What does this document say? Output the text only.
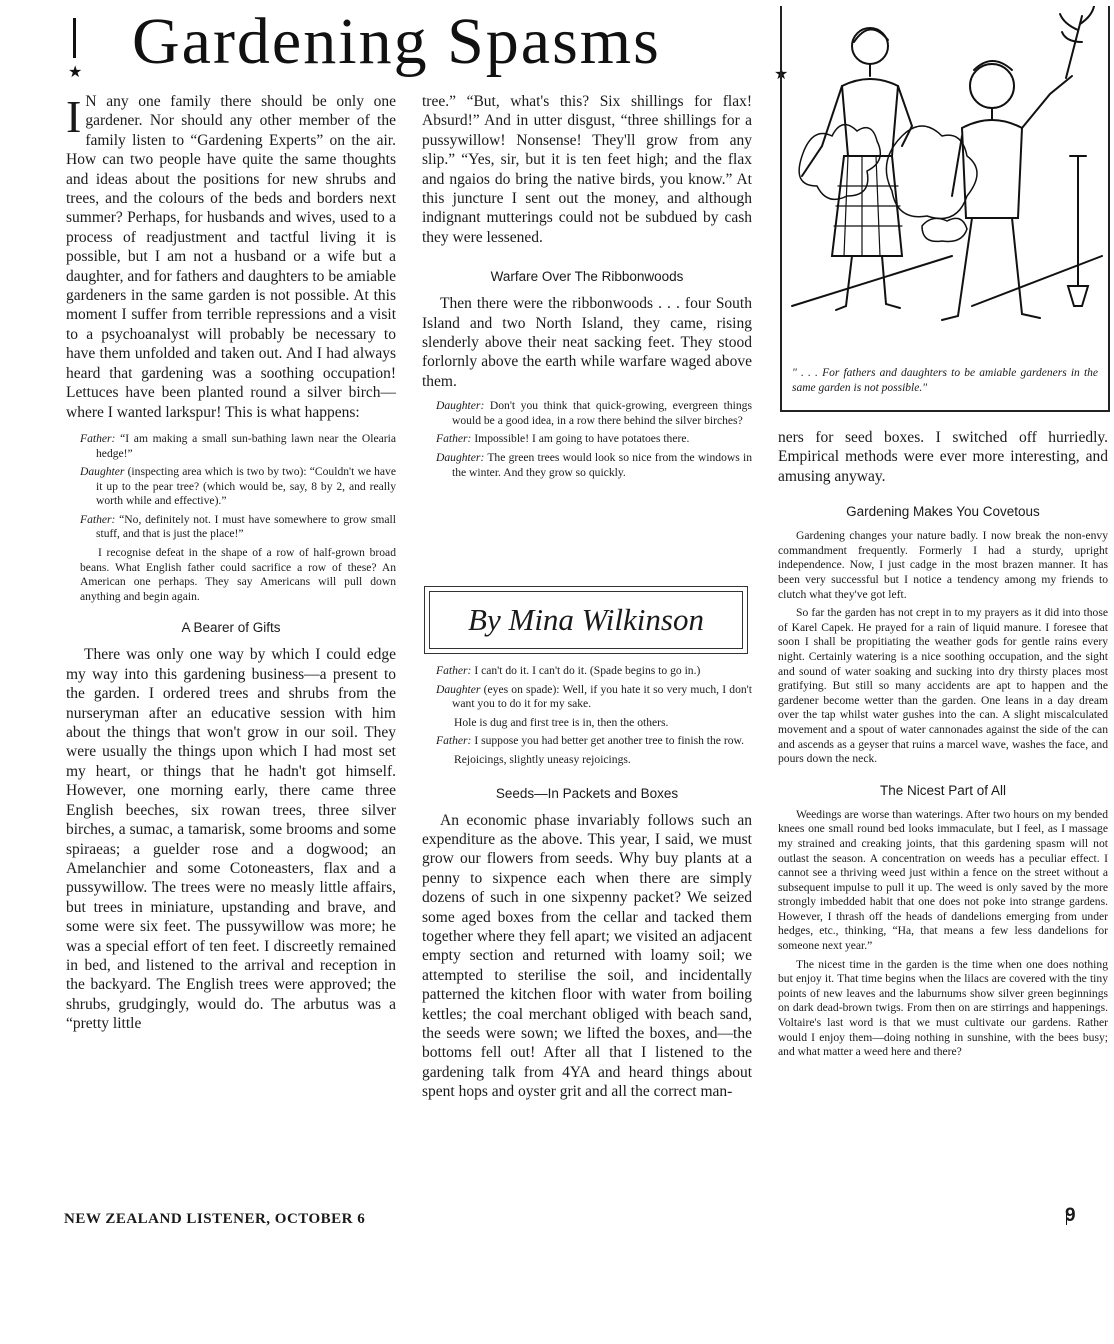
★ Gardening Spasms

I N any one family there should be only one gardener. Nor should any other member of the family listen to “Gardening Experts” on the air. How can two people have quite the same thoughts and ideas about the positions for new shrubs and trees, and the colours of the beds and borders next summer? Perhaps, for husbands and wives, used to a process of readjustment and tactful living it is possible, but I am not a husband or a wife but a daughter, and for fathers and daughters to be amiable gardeners in the same garden is not possible. At this moment I suffer from terrible repressions and a visit to a psychoanalyst will probably be necessary to have them unfolded and taken out. And I had always heard that gardening was a soothing occupation! Lettuces have been planted round a silver birch—where I wanted larkspur! This is what happens:

Father: “I am making a small sun-bathing lawn near the Olearia hedge!”

Daughter (inspecting area which is two by two): “Couldn't we have it up to the pear tree? (which would be, say, 8 by 2, and really worth while and effective).”

Father: “No, definitely not. I must have somewhere to grow small stuff, and that is just the place!”

I recognise defeat in the shape of a row of half-grown broad beans. What English father could sacrifice a row of these? An American one perhaps. They say Americans will pull down anything and begin again.

A Bearer of Gifts

There was only one way by which I could edge my way into this gardening business—a present to the garden. I ordered trees and shrubs from the nurseryman after an educative session with him about the things that won't grow in our soil. They were usually the things upon which I had most set my heart, or things that he hadn't got himself. However, one morning early, there came three English beeches, six rowan trees, three silver birches, a sumac, a tamarisk, some brooms and some spiraeas; a guelder rose and a dogwood; an Amelanchier and some Cotoneasters, flax and a pussywillow. The trees were no measly little affairs, but trees in miniature, upstanding and brave, and some were six feet. The pussywillow was more; he was a special effort of ten feet. I discreetly remained in bed, and listened to the arrival and reception in the backyard. The English trees were approved; the shrubs, grudgingly, would do. The arbutus was a “pretty little

tree.” “But, what's this? Six shillings for flax! Absurd!” And in utter disgust, “three shillings for a pussywillow! Nonsense! They'll grow from any slip.” “Yes, sir, but it is ten feet high; and the flax and ngaios do bring the native birds, you know.” At this juncture I sent out the money, and although indignant mutterings could not be subdued by cash they were lessened.

Warfare Over The Ribbonwoods

Then there were the ribbonwoods . . . four South Island and two North Island, they came, rising slenderly above their neat sacking feet. They stood forlornly above the earth while warfare waged above them.

Daughter: Don't you think that quick-growing, evergreen things would be a good idea, in a row there behind the silver birches?

Father: Impossible! I am going to have potatoes there.

Daughter: The green trees would look so nice from the windows in the winter. And they grow so quickly.

By Mina Wilkinson

Father: I can't do it. I can't do it. (Spade begins to go in.)

Daughter (eyes on spade): Well, if you hate it so very much, I don't want you to do it for my sake.

Hole is dug and first tree is in, then the others.

Father: I suppose you had better get another tree to finish the row.

Rejoicings, slightly uneasy rejoicings.

Seeds—In Packets and Boxes

An economic phase invariably follows such an expenditure as the above. This year, I said, we must grow our flowers from seeds. Why buy plants at a penny to sixpence each when there are simply dozens of such in one sixpenny packet? We seized some aged boxes from the cellar and tacked them together where they fell apart; we visited an adjacent empty section and returned with loamy soil; we attempted to sterilise the soil, and incidentally patterned the kitchen floor with water from boiling kettles; the coal merchant obliged with beach sand, the seeds were sown; we lifted the boxes, and—the bottoms fell out! After all that I listened to the gardening talk from 4YA and heard things about spent hops and oyster grit and all the correct man-

★
" . . . For fathers and daughters to be amiable gardeners in the same garden is not possible."

ners for seed boxes. I switched off hurriedly. Empirical methods were ever more interesting, and amusing anyway.

Gardening Makes You Covetous

Gardening changes your nature badly. I now break the non-envy commandment frequently. Formerly I had a sturdy, upright independence. Now, I just cadge in the most brazen manner. It has been very successful but I notice a tendency among my friends to clutch what they've got left.

So far the garden has not crept in to my prayers as it did into those of Karel Capek. He prayed for a rain of liquid manure. I foresee that soon I shall be propitiating the weather gods for gentle rains every night. Certainly watering is a nice soothing occupation, and the sight and sound of water soaking and sucking into dry thirsty places most gratifying. But still so many accidents are apt to happen and the gardener become wetter than the garden. One leans in a day dream over the tap whilst water gushes into the can. A slight miscalculated movement and a spout of water cannonades against the side of the can and ascends as a geyser that ruins a marcel wave, washes the face, and pours down the neck.

The Nicest Part of All

Weedings are worse than waterings. After two hours on my bended knees one small round bed looks immaculate, but I feel, as I massage my strained and creaking joints, that this gardening spasm will not outlast the season. A concentration on weeds has a peculiar effect. I cannot see a thriving weed just within a fence on the street without a subsequent impulse to pull it up. The weed is only saved by the more strongly imbedded habit that one does not poke into strange gardens. However, I thrash off the heads of dandelions emerging from under hedges, etc., thinking, “Ha, that means a few less dandelions for someone next year.”

The nicest time in the garden is the time when one does nothing but enjoy it. That time begins when the lilacs are covered with the tiny points of new leaves and the laburnums show silver green beginnings on dark dead-brown twigs. From then on are stirrings and happenings. Voltaire's last word is that we must cultivate our gardens. Rather would I enjoy them—doing nothing in sunshine, with the bees busy; and what matter a weed here and there?

NEW ZEALAND LISTENER, OCTOBER 6	9
